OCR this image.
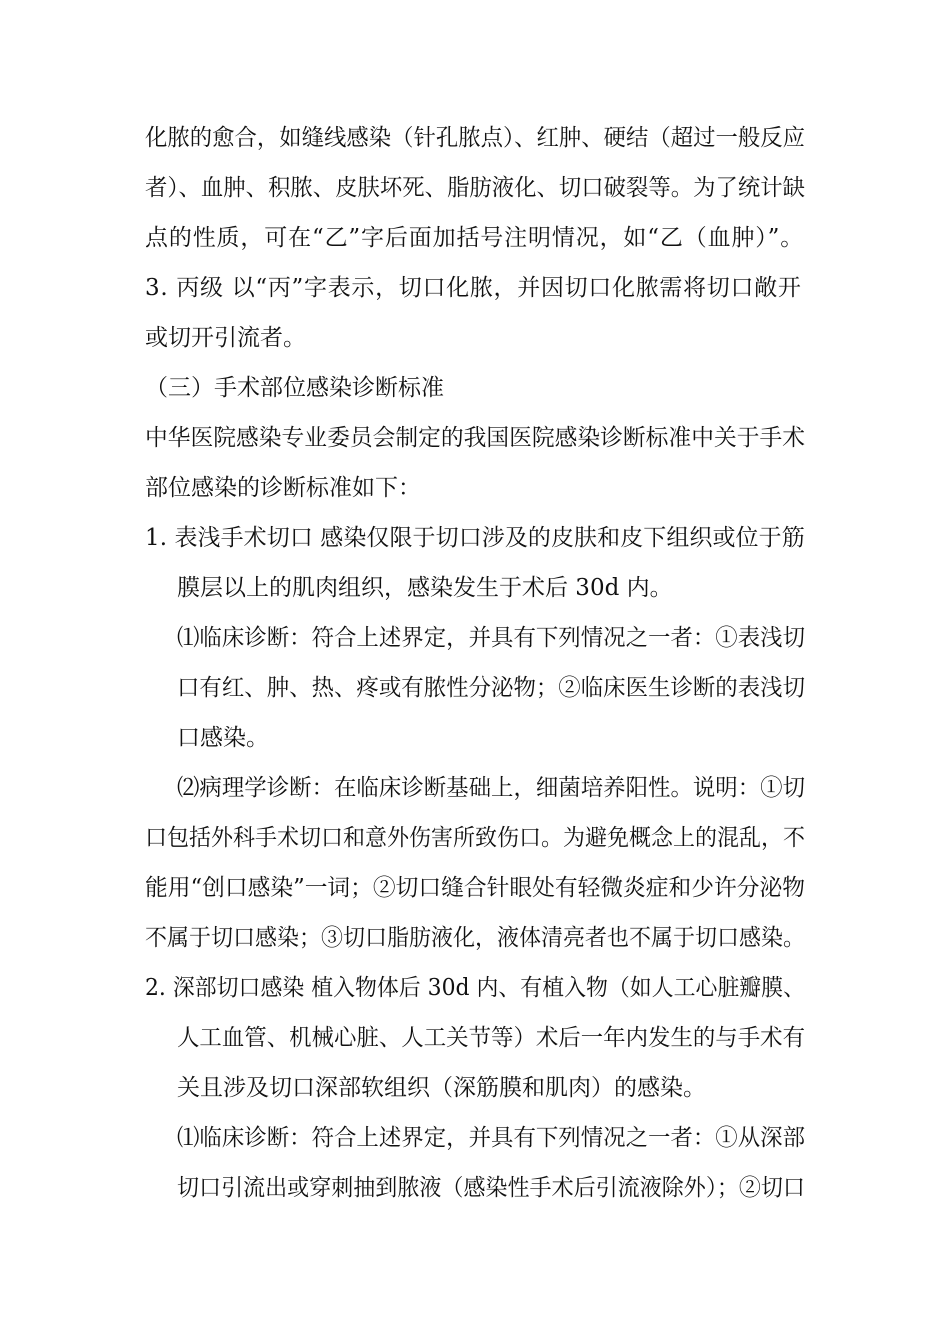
化脓的愈合，如缝线感染（针孔脓点）、红肿、硬结（超过一般反应
者）、血肿、积脓、皮肤坏死、脂肪液化、切口破裂等。为了统计缺
点的性质，可在“乙”字后面加括号注明情况，如“乙（血肿）”。
3. 丙级 以“丙”字表示，切口化脓，并因切口化脓需将切口敞开
或切开引流者。
（三）手术部位感染诊断标准
中华医院感染专业委员会制定的我国医院感染诊断标准中关于手术
部位感染的诊断标准如下：
1. 表浅手术切口 感染仅限于切口涉及的皮肤和皮下组织或位于筋
膜层以上的肌肉组织，感染发生于术后 30d 内。
⑴临床诊断：符合上述界定，并具有下列情况之一者：①表浅切
口有红、肿、热、疼或有脓性分泌物；②临床医生诊断的表浅切
口感染。
⑵病理学诊断：在临床诊断基础上，细菌培养阳性。说明：①切
口包括外科手术切口和意外伤害所致伤口。为避免概念上的混乱，不
能用“创口感染”一词；②切口缝合针眼处有轻微炎症和少许分泌物
不属于切口感染；③切口脂肪液化，液体清亮者也不属于切口感染。
2. 深部切口感染 植入物体后 30d 内、有植入物（如人工心脏瓣膜、
人工血管、机械心脏、人工关节等）术后一年内发生的与手术有
关且涉及切口深部软组织（深筋膜和肌肉）的感染。
⑴临床诊断：符合上述界定，并具有下列情况之一者：①从深部
切口引流出或穿刺抽到脓液（感染性手术后引流液除外）；②切口
